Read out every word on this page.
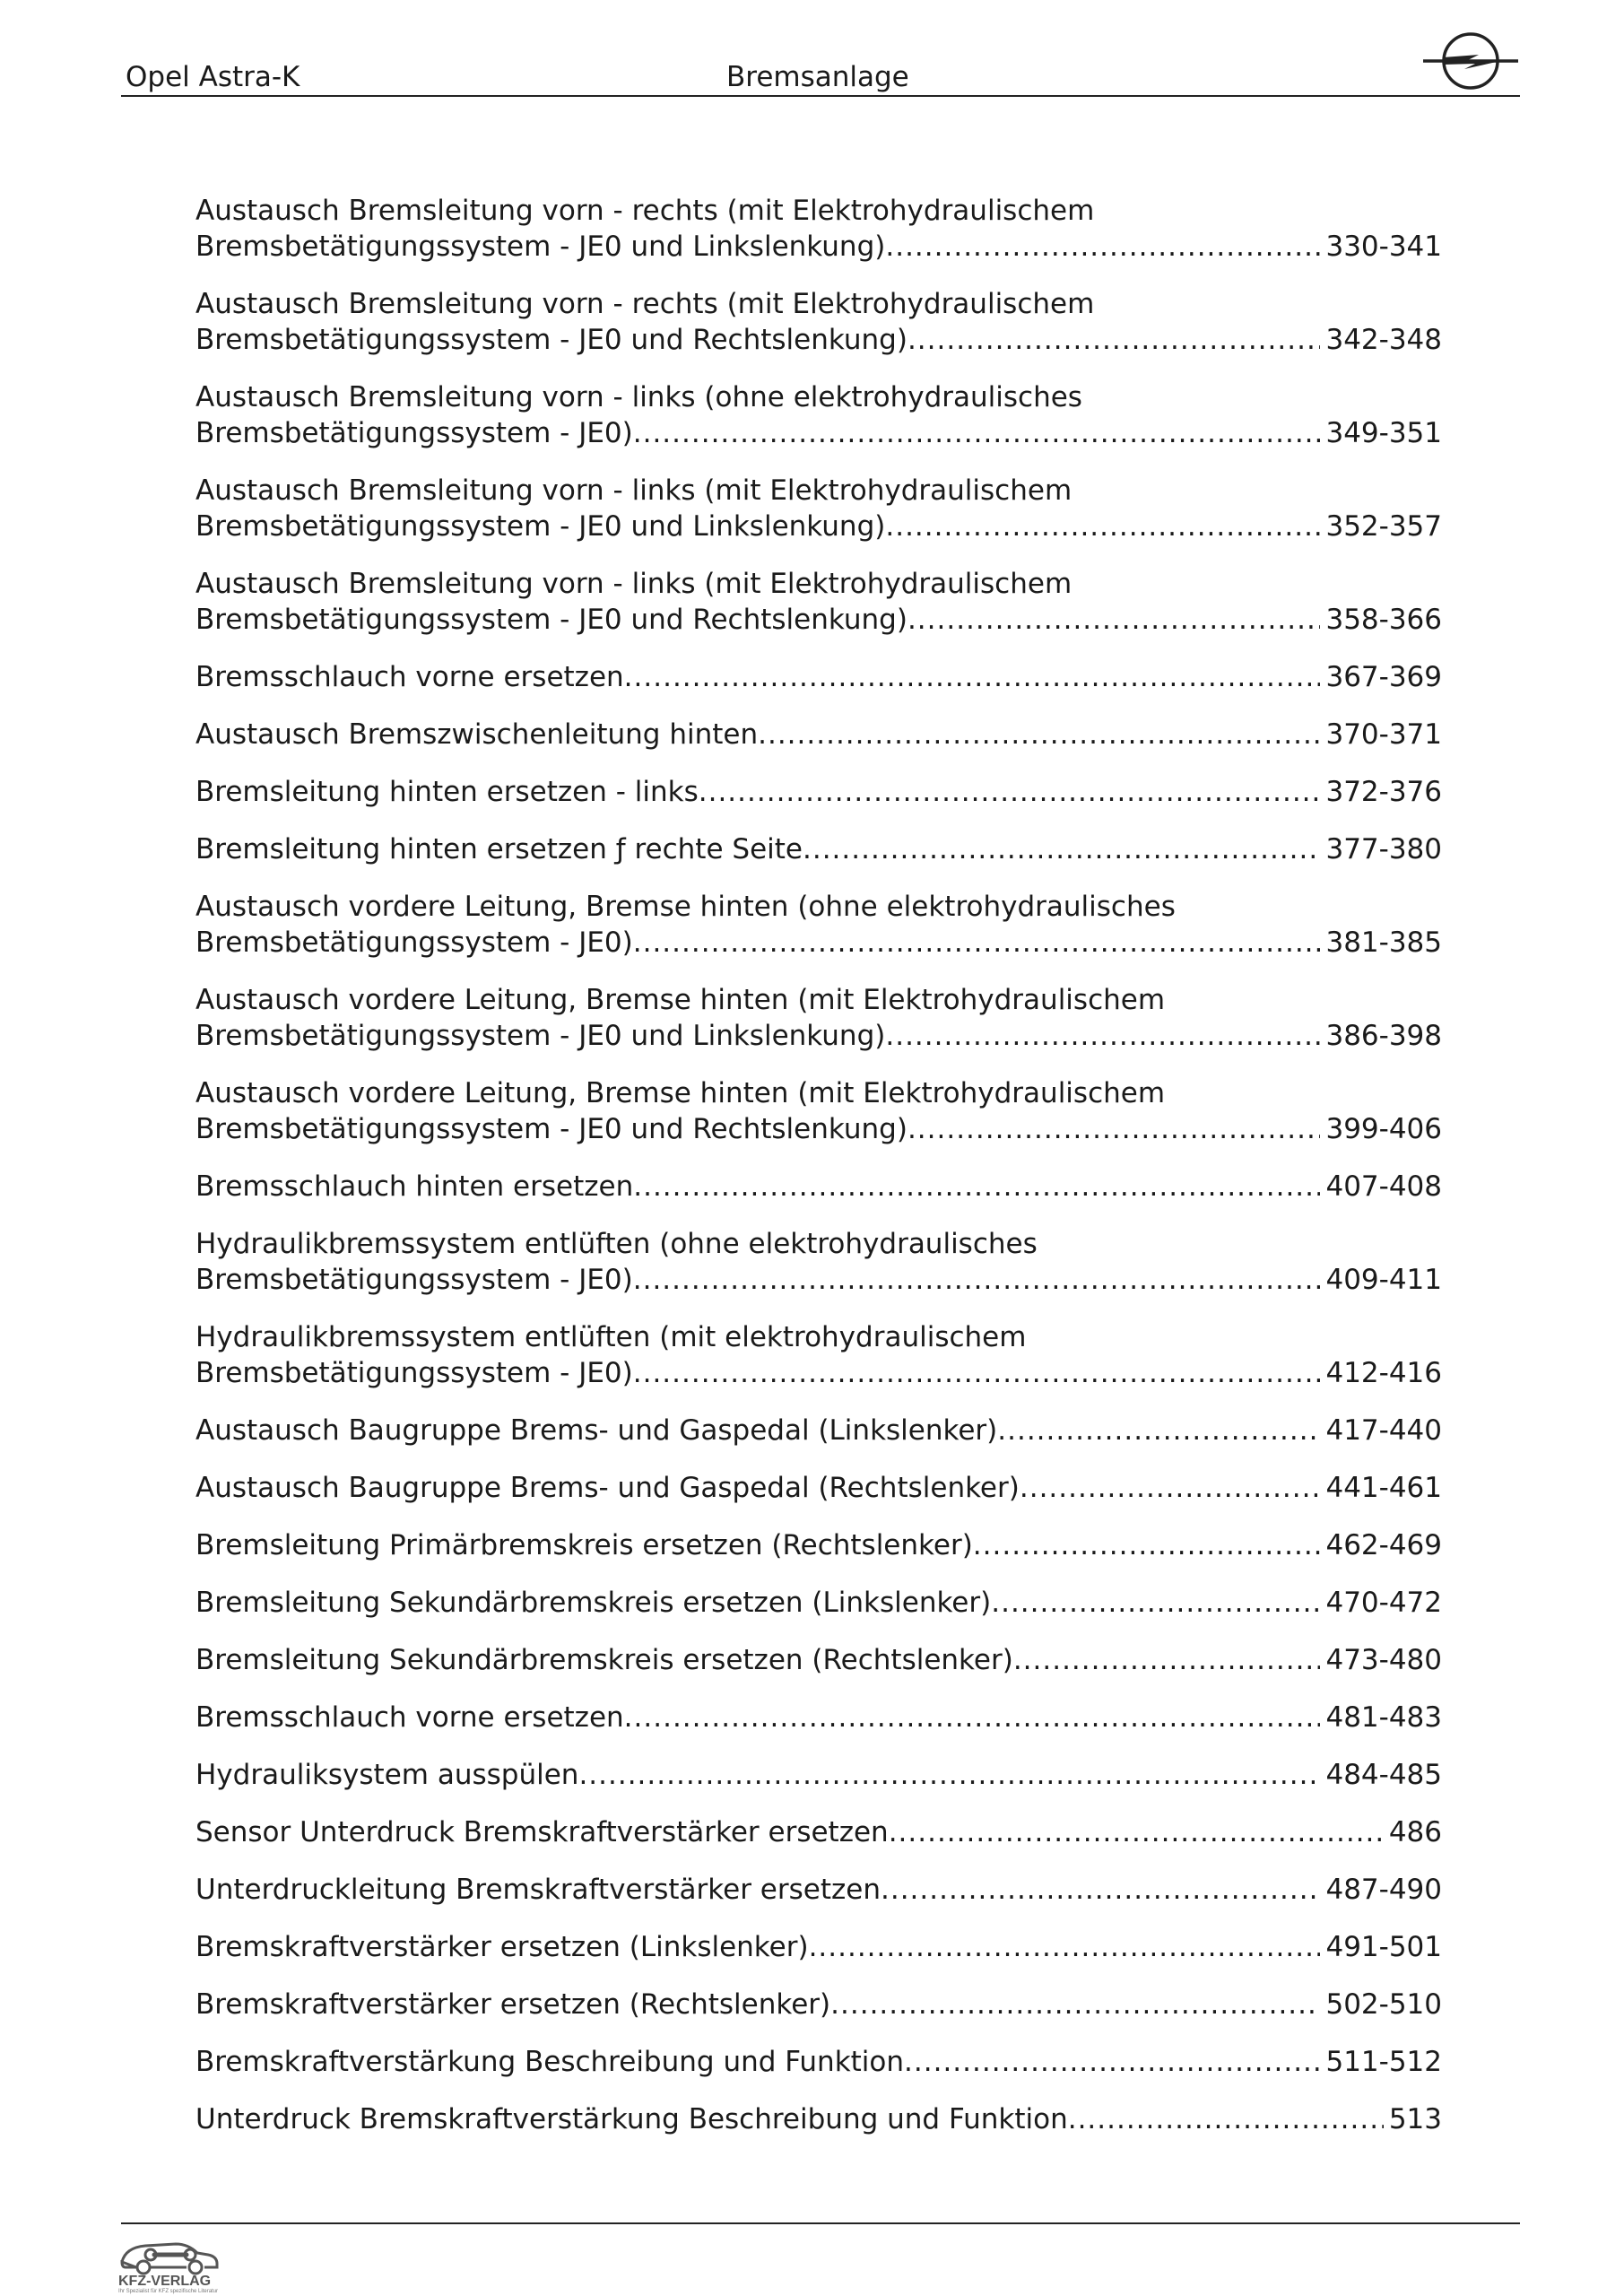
Opel Astra-K	Bremsanlage
Austausch Bremsleitung vorn - rechts (mit Elektrohydraulischem
Bremsbetätigungssystem - JE0 und Linkslenkung) .....	330-341
Austausch Bremsleitung vorn - rechts (mit Elektrohydraulischem
Bremsbetätigungssystem - JE0 und Rechtslenkung) .....	342-348
Austausch Bremsleitung vorn - links (ohne elektrohydraulisches
Bremsbetätigungssystem - JE0) .....	349-351
Austausch Bremsleitung vorn - links (mit Elektrohydraulischem
Bremsbetätigungssystem - JE0 und Linkslenkung) .....	352-357
Austausch Bremsleitung vorn - links (mit Elektrohydraulischem
Bremsbetätigungssystem - JE0 und Rechtslenkung) .....	358-366
Bremsschlauch vorne ersetzen .....	367-369
Austausch Bremszwischenleitung hinten .....	370-371
Bremsleitung hinten ersetzen - links .....	372-376
Bremsleitung hinten ersetzen ƒ rechte Seite .....	377-380
Austausch vordere Leitung, Bremse hinten (ohne elektrohydraulisches
Bremsbetätigungssystem - JE0) .....	381-385
Austausch vordere Leitung, Bremse hinten (mit Elektrohydraulischem
Bremsbetätigungssystem - JE0 und Linkslenkung) .....	386-398
Austausch vordere Leitung, Bremse hinten (mit Elektrohydraulischem
Bremsbetätigungssystem - JE0 und Rechtslenkung) .....	399-406
Bremsschlauch hinten ersetzen .....	407-408
Hydraulikbremssystem entlüften (ohne elektrohydraulisches
Bremsbetätigungssystem - JE0) .....	409-411
Hydraulikbremssystem entlüften (mit elektrohydraulischem
Bremsbetätigungssystem - JE0) .....	412-416
Austausch Baugruppe Brems- und Gaspedal (Linkslenker) .....	417-440
Austausch Baugruppe Brems- und Gaspedal (Rechtslenker) .....	441-461
Bremsleitung Primärbremskreis ersetzen (Rechtslenker) .....	462-469
Bremsleitung Sekundärbremskreis ersetzen (Linkslenker) .....	470-472
Bremsleitung Sekundärbremskreis ersetzen (Rechtslenker) .....	473-480
Bremsschlauch vorne ersetzen .....	481-483
Hydrauliksystem ausspülen .....	484-485
Sensor Unterdruck Bremskraftverstärker ersetzen .....	486
Unterdruckleitung Bremskraftverstärker ersetzen .....	487-490
Bremskraftverstärker ersetzen (Linkslenker) .....	491-501
Bremskraftverstärker ersetzen (Rechtslenker) .....	502-510
Bremskraftverstärkung Beschreibung und Funktion .....	511-512
Unterdruck Bremskraftverstärkung Beschreibung und Funktion .....	513
KFZ-VERLAG
Ihr Spezialist für KFZ spezifische Literatur
